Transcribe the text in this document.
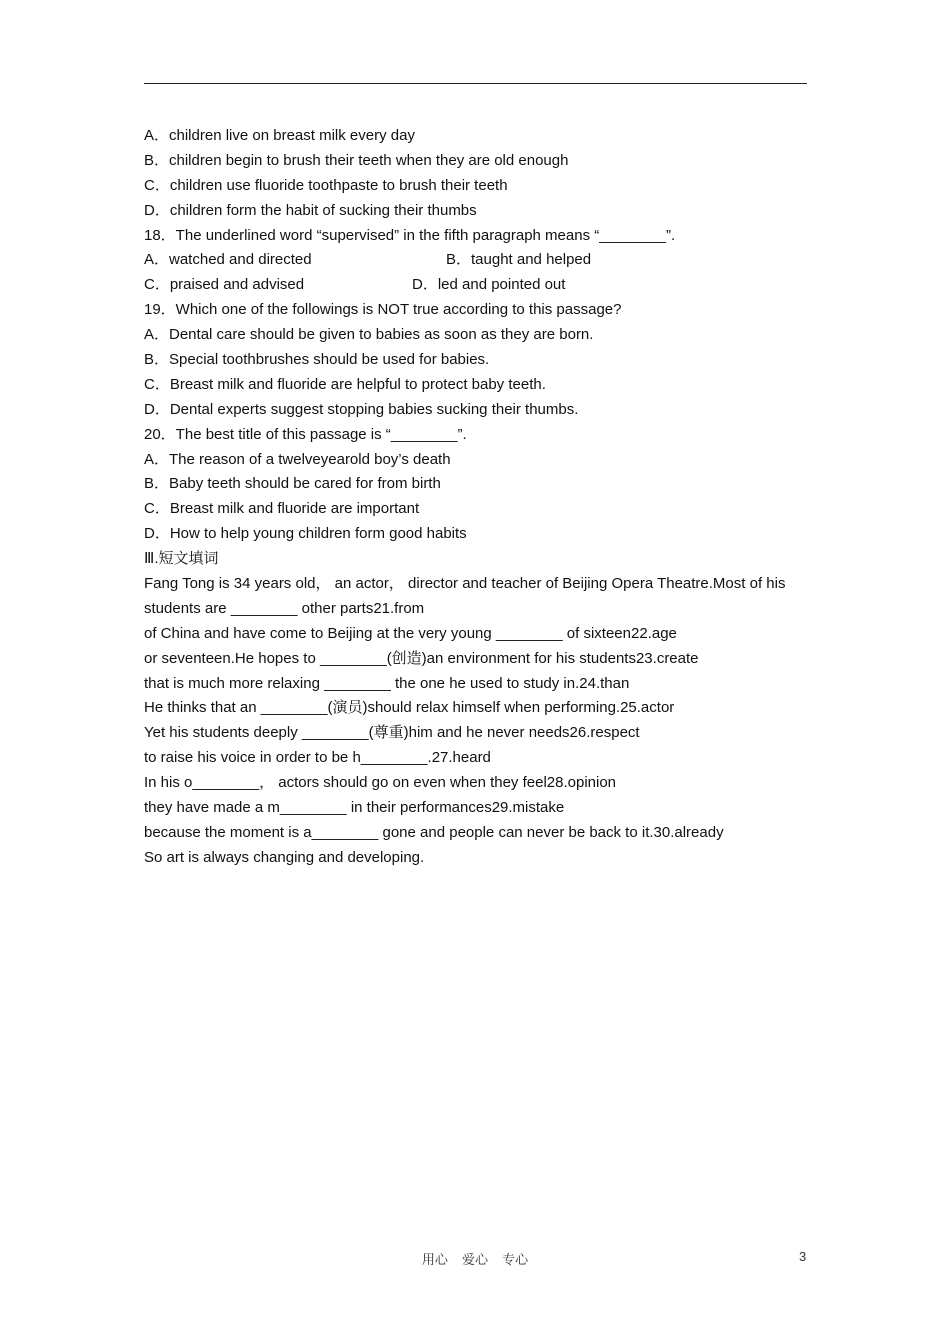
A．children live on breast milk every day
B．children begin to brush their teeth when they are old enough
C．children use fluoride toothpaste to brush their teeth
D．children form the habit of sucking their thumbs
18．The underlined word “supervised” in the fifth paragraph means “________”.
A．watched and directed	B．taught and helped
C．praised and advised	D．led and pointed out
19．Which one of the followings is NOT true according to this passage?
A．Dental care should be given to babies as soon as they are born.
B．Special toothbrushes should be used for babies.
C．Breast milk and fluoride are helpful to protect baby teeth.
D．Dental experts suggest stopping babies sucking their thumbs.
20．The best title of this passage is “________”.
A．The reason of a twelveyearold boy’s death
B．Baby teeth should be cared for from birth
C．Breast milk and fluoride are important
D．How to help young children form good habits
Ⅲ.短文填词
Fang Tong is 34 years old， an actor， director and teacher of Beijing Opera Theatre.Most of his
students are ________ other parts21.from
of China and have come to Beijing at the very young ________ of sixteen22.age
or seventeen.He hopes to ________(创造)an environment for his students23.create
that is much more relaxing ________ the one he used to study in.24.than
He thinks that an ________(演员)should relax himself when performing.25.actor
Yet his students deeply ________(尊重)him and he never needs26.respect
to raise his voice in order to be h________.27.heard
In his o________， actors should go on even when they feel28.opinion
they have made a m________ in their performances29.mistake
because the moment is a________ gone and people can never be back to it.30.already
So art is always changing and developing.
用心 爱心 专心	3
